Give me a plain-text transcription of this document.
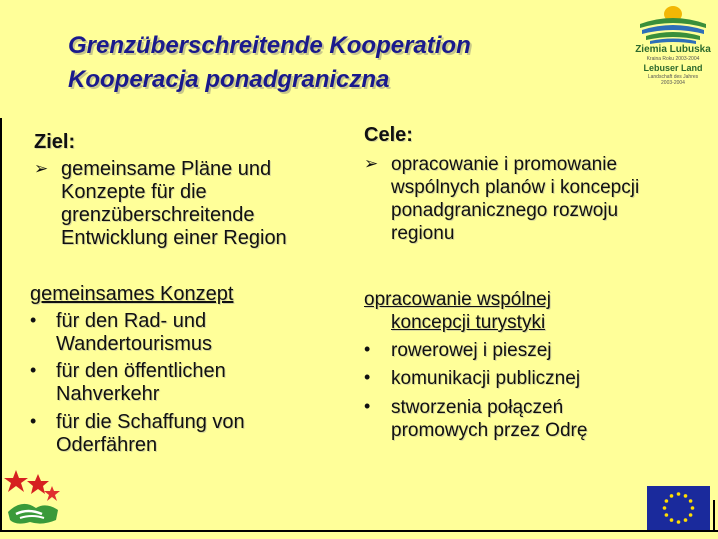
Grenzüberschreitende Kooperation
Kooperacja ponadgraniczna
Ziemia Lubuska
Kraina Roku 2003-2004
Lebuser Land
Landschaft des Jahres
2003-2004

Ziel:

➢ gemeinsame Pläne und

Konzepte für die

grenzüberschreitende

Entwicklung einer Region

gemeinsames Konzept

• für den Rad- und

Wandertourismus

• für den öffentlichen

Nahverkehr

• für die Schaffung von

Oderfähren

Cele:

➢ opracowanie i promowanie

wspólnych planów i koncepcji

ponadgranicznego rozwoju

regionu

opracowanie wspólnej

koncepcji turystyki

• rowerowej i pieszej

• komunikacji publicznej

• stworzenia połączeń

promowych przez Odrę
